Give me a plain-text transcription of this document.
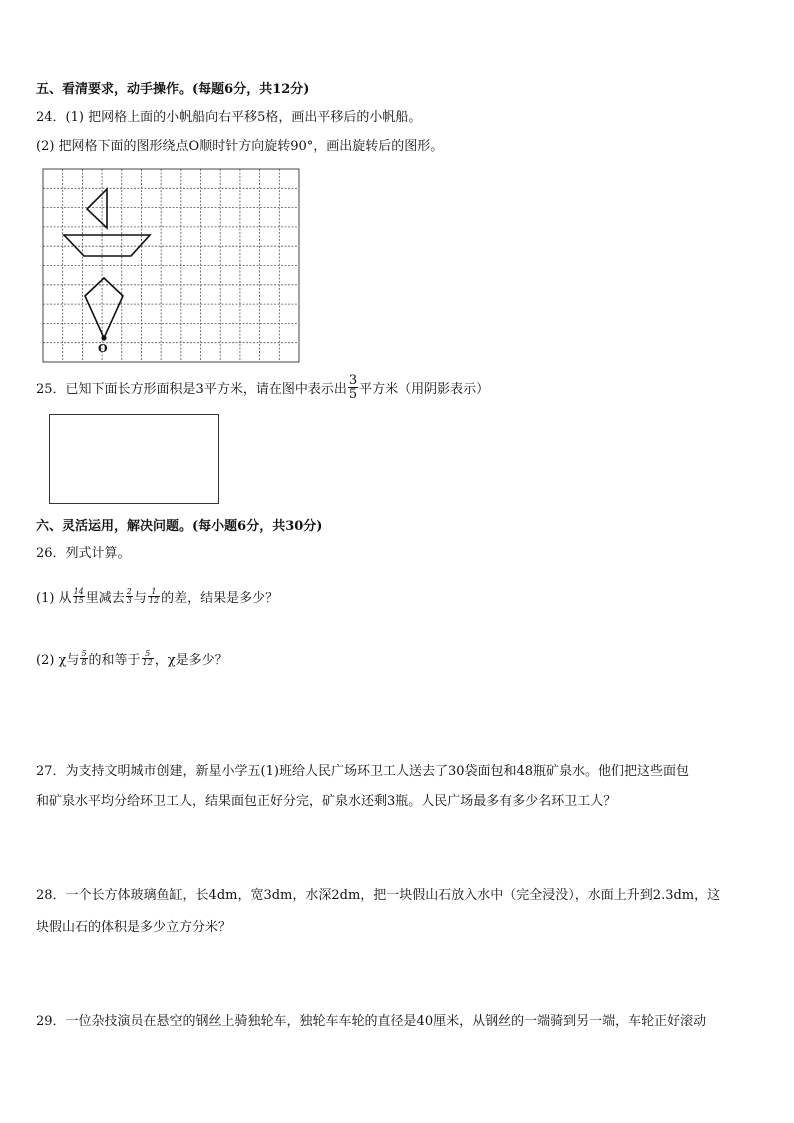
五、看清要求，动手操作。(每题6分，共12分)
24．(1) 把网格上面的小帆船向右平移5格，画出平移后的小帆船。
(2) 把网格下面的图形绕点O顺时针方向旋转90°，画出旋转后的图形。
O
25．已知下面长方形面积是3平方米，请在图中表示出 $\frac{3}{5}$ 平方米（用阴影表示）
六、灵活运用，解决问题。(每小题6分，共30分)
26．列式计算。
(1) 从 $\frac{14}{15}$ 里减去 $\frac{2}{3}$ 与 $\frac{1}{12}$ 的差，结果是多少？
(2) χ与 $\frac{5}{8}$ 的和等于 $\frac{5}{12}$ ，χ是多少？
27．为支持文明城市创建，新星小学五(1)班给人民广场环卫工人送去了30袋面包和48瓶矿泉水。他们把这些面包
和矿泉水平均分给环卫工人，结果面包正好分完，矿泉水还剩3瓶。人民广场最多有多少名环卫工人？
28．一个长方体玻璃鱼缸，长4dm，宽3dm，水深2dm，把一块假山石放入水中（完全浸没），水面上升到2.3dm，这
块假山石的体积是多少立方分米？
29．一位杂技演员在悬空的钢丝上骑独轮车，独轮车车轮的直径是40厘米，从钢丝的一端骑到另一端，车轮正好滚动
